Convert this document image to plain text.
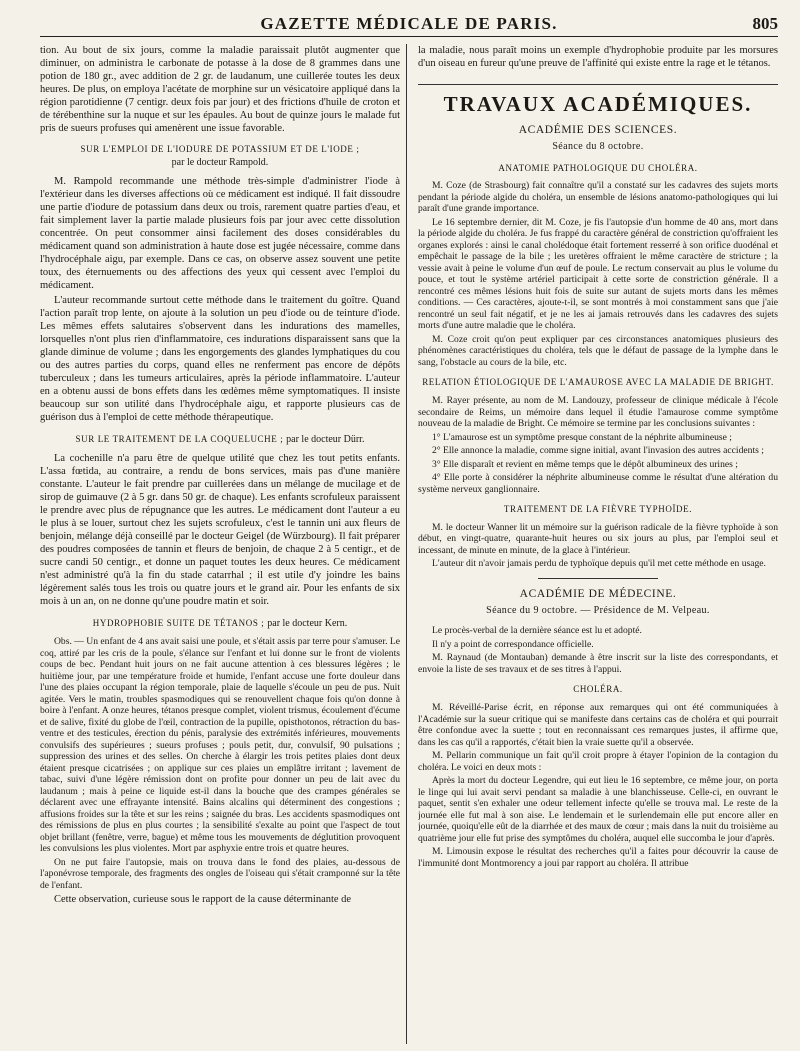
GAZETTE MÉDICALE DE PARIS.	805

tion. Au bout de six jours, comme la maladie paraissait plutôt augmenter que diminuer, on administra le carbonate de potasse à la dose de 8 grammes dans une potion de 180 gr., avec addition de 2 gr. de laudanum, une cuillerée toutes les deux heures. De plus, on employa l'acétate de morphine sur un vésicatoire appliqué dans la région parotidienne (7 centigr. deux fois par jour) et des frictions d'huile de croton et de térébenthine sur la nuque et sur les épaules. Au bout de quinze jours le malade fut pris de sueurs profuses qui amenèrent une issue favorable.

SUR L'EMPLOI DE L'IODURE DE POTASSIUM ET DE L'IODE ;
par le docteur Rampold.

M. Rampold recommande une méthode très-simple d'administrer l'iode à l'extérieur dans les diverses affections où ce médicament est indiqué. Il fait dissoudre une partie d'iodure de potassium dans deux ou trois, rarement quatre parties d'eau, et fait simplement laver la partie malade plusieurs fois par jour avec cette dissolution concentrée. On peut consommer ainsi facilement des doses considérables du médicament quand son administration à haute dose est jugée nécessaire, comme dans l'hydrocéphale aigu, par exemple. Dans ce cas, on observe assez souvent une petite toux, des éternuements ou des affections des yeux qui cessent avec l'emploi du médicament.

L'auteur recommande surtout cette méthode dans le traitement du goître. Quand l'action paraît trop lente, on ajoute à la solution un peu d'iode ou de teinture d'iode. Les mêmes effets salutaires s'observent dans les indurations des mamelles, lorsquelles n'ont plus rien d'inflammatoire, ces indurations disparaissent sans que la glande diminue de volume ; dans les engorgements des glandes lymphatiques du cou ou des autres parties du corps, quand elles ne renferment pas encore de dépôts tuberculeux ; dans les tumeurs articulaires, après la période inflammatoire. L'auteur en a obtenu aussi de bons effets dans les œdèmes même symptomatiques. Il insiste beaucoup sur son utilité dans l'hydrocéphale aigu, et rapporte plusieurs cas de guérison dus à l'emploi de cette méthode thérapeutique.

SUR LE TRAITEMENT DE LA COQUELUCHE ; par le docteur Dürr.

La cochenille n'a paru être de quelque utilité que chez les tout petits enfants. L'assa fœtida, au contraire, a rendu de bons services, mais pas d'une manière constante. L'auteur le fait prendre par cuillerées dans un mélange de mucilage et de sirop de guimauve (2 à 5 gr. dans 50 gr. de chaque). Les enfants scrofuleux paraissent le prendre avec plus de répugnance que les autres. Le médicament dont l'auteur a eu le plus à se louer, surtout chez les sujets scrofuleux, c'est le tannin uni aux fleurs de benjoin, mélange déjà conseillé par le docteur Geigel (de Würzbourg). Il fait préparer des poudres composées de tannin et fleurs de benjoin, de chaque 2 à 5 centigr., et de sucre candi 50 centigr., et donne un paquet toutes les deux heures. Ce médicament n'est administré qu'à la fin du stade catarrhal ; il est utile d'y joindre les bains légèrement salés tous les trois ou quatre jours et le grand air. Pour les enfants de six mois à un an, on ne donne qu'une poudre matin et soir.

HYDROPHOBIE SUITE DE TÉTANOS ; par le docteur Kern.

Obs. — Un enfant de 4 ans avait saisi une poule, et s'était assis par terre pour s'amuser. Le coq, attiré par les cris de la poule, s'élance sur l'enfant et lui donne sur le front de violents coups de bec. Pendant huit jours on ne fait aucune attention à ces blessures légères ; le huitième jour, par une température froide et humide, l'enfant accuse une forte douleur dans l'une des plaies occupant la région temporale, plaie de laquelle s'écoule un peu de pus. Nuit agitée. Vers le matin, troubles spasmodiques qui se renouvellent chaque fois qu'on donne à boire à l'enfant. A onze heures, tétanos presque complet, violent trismus, écoulement d'écume et de salive, fixité du globe de l'œil, contraction de la pupille, opisthotonos, rétraction du bas-ventre et des testicules, érection du pénis, paralysie des extrémités inférieures, mouvements convulsifs des supérieures ; sueurs profuses ; pouls petit, dur, convulsif, 90 pulsations ; suppression des urines et des selles. On cherche à élargir les trois petites plaies dont deux étaient presque cicatrisées ; on applique sur ces plaies un emplâtre irritant ; lavement de tabac, suivi d'une légère rémission dont on profite pour donner un peu de lait avec du laudanum ; mais à peine ce liquide est-il dans la bouche que des crampes générales se déclarent avec une effrayante intensité. Bains alcalins qui déterminent des congestions ; affusions froides sur la tête et sur les reins ; saignée du bras. Les accidents spasmodiques ont des rémissions de plus en plus courtes ; la sensibilité s'exalte au point que l'aspect de tout objet brillant (fenêtre, verre, bague) et même tous les mouvements de déglutition provoquent les convulsions les plus violentes. Mort par asphyxie entre trois et quatre heures.

On ne put faire l'autopsie, mais on trouva dans le fond des plaies, au-dessous de l'aponévrose temporale, des fragments des ongles de l'oiseau qui s'était cramponné sur la tête de l'enfant.

Cette observation, curieuse sous le rapport de la cause déterminante de

la maladie, nous paraît moins un exemple d'hydrophobie produite par les morsures d'un oiseau en fureur qu'une preuve de l'affinité qui existe entre la rage et le tétanos.

TRAVAUX ACADÉMIQUES.
ACADÉMIE DES SCIENCES.
Séance du 8 octobre.
ANATOMIE PATHOLOGIQUE DU CHOLÉRA.

M. Coze (de Strasbourg) fait connaître qu'il a constaté sur les cadavres des sujets morts pendant la période algide du choléra, un ensemble de lésions anatomo-pathologiques qui lui paraît d'une grande importance.

Le 16 septembre dernier, dit M. Coze, je fis l'autopsie d'un homme de 40 ans, mort dans la période algide du choléra. Je fus frappé du caractère général de constriction qu'offraient les organes explorés : ainsi le canal cholédoque était fortement resserré à son orifice duodénal et empêchait le passage de la bile ; les uretères offraient le même caractère de stricture ; la vessie avait à peine le volume d'un œuf de poule. Le rectum conservait au plus le volume du pouce, et tout le système artériel participait à cette sorte de constriction générale. Il a rencontré ces mêmes lésions huit fois de suite sur autant de sujets morts dans les mêmes conditions. — Ces caractères, ajoute-t-il, se sont montrés à moi constamment sans que j'aie rencontré un seul fait négatif, et je ne les ai jamais retrouvés dans les cadavres des sujets morts d'une autre maladie que le choléra.

M. Coze croit qu'on peut expliquer par ces circonstances anatomiques plusieurs des phénomènes caractéristiques du choléra, tels que le défaut de passage de la lymphe dans le sang, l'obstacle au cours de la bile, etc.

RELATION ÉTIOLOGIQUE DE L'AMAUROSE AVEC LA MALADIE DE BRIGHT.

M. Rayer présente, au nom de M. Landouzy, professeur de clinique médicale à l'école secondaire de Reims, un mémoire dans lequel il étudie l'amaurose comme symptôme nouveau de la maladie de Bright. Ce mémoire se termine par les conclusions suivantes :

1° L'amaurose est un symptôme presque constant de la néphrite albumineuse ;

2° Elle annonce la maladie, comme signe initial, avant l'invasion des autres accidents ;

3° Elle disparaît et revient en même temps que le dépôt albumineux des urines ;

4° Elle porte à considérer la néphrite albumineuse comme le résultat d'une altération du système nerveux ganglionnaire.

TRAITEMENT DE LA FIÈVRE TYPHOÏDE.

M. le docteur Wanner lit un mémoire sur la guérison radicale de la fièvre typhoïde à son début, en vingt-quatre, quarante-huit heures ou six jours au plus, par l'emploi seul et incessant, de minute en minute, de la glace à l'intérieur.

L'auteur dit n'avoir jamais perdu de typhoïque depuis qu'il met cette méthode en usage.

ACADÉMIE DE MÉDECINE.
Séance du 9 octobre. — Présidence de M. Velpeau.

Le procès-verbal de la dernière séance est lu et adopté.

Il n'y a point de correspondance officielle.

M. Raynaud (de Montauban) demande à être inscrit sur la liste des correspondants, et envoie la liste de ses travaux et de ses titres à l'appui.

CHOLÉRA.

M. Réveillé-Parise écrit, en réponse aux remarques qui ont été communiquées à l'Académie sur la sueur critique qui se manifeste dans certains cas de choléra et qui pourrait être confondue avec la suette ; tout en reconnaissant ces remarques justes, il affirme que, dans les cas qu'il a rapportés, c'était bien la vraie suette qu'il a observée.

M. Pellarin communique un fait qu'il croit propre à étayer l'opinion de la contagion du choléra. Le voici en deux mots :

Après la mort du docteur Legendre, qui eut lieu le 16 septembre, ce même jour, on porta le linge qui lui avait servi pendant sa maladie à une blanchisseuse. Celle-ci, en ouvrant le paquet, sentit s'en exhaler une odeur tellement infecte qu'elle se trouva mal. Le reste de la journée elle fut mal à son aise. Le lendemain et le surlendemain elle put encore aller en journée, quoiqu'elle eût de la diarrhée et des maux de cœur ; mais dans la nuit du troisième au quatrième jour elle fut prise des symptômes du choléra, auquel elle succomba le jour d'après.

M. Limousin expose le résultat des recherches qu'il a faites pour découvrir la cause de l'immunité dont Montmorency a joui par rapport au choléra. Il attribue
